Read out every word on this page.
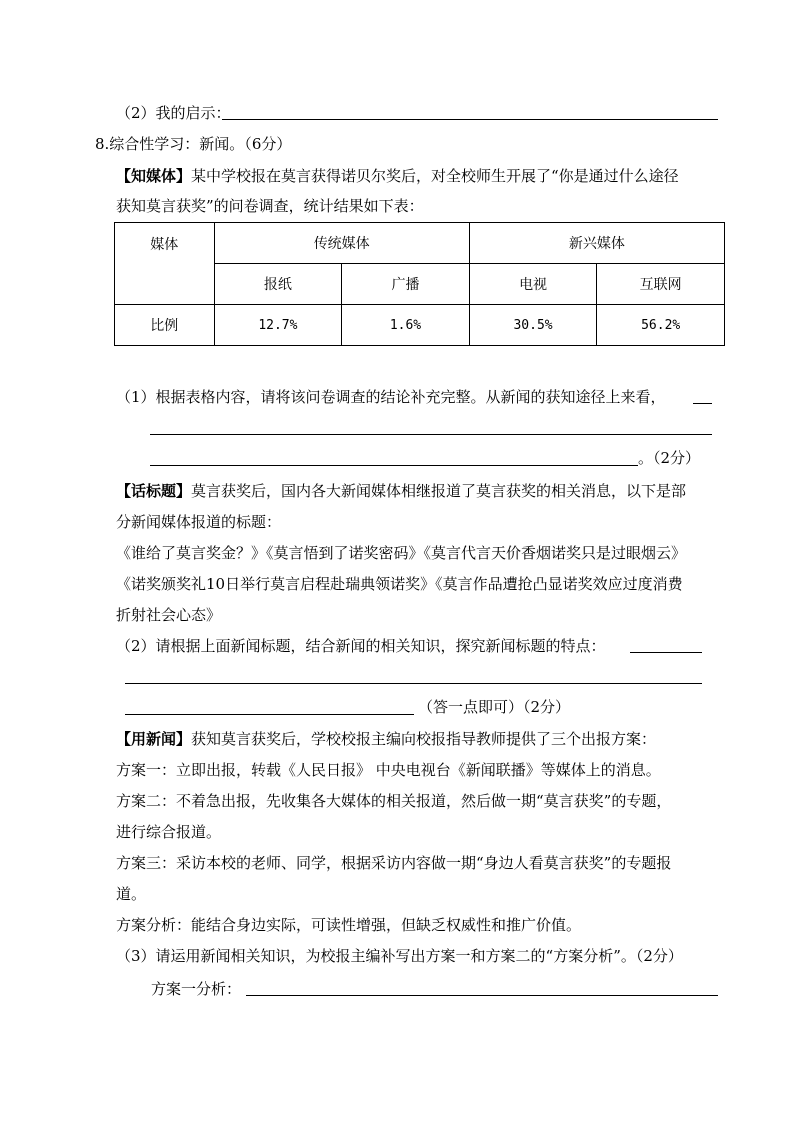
（2）我的启示：
8.综合性学习：新闻。（6分）
【知媒体】某中学校报在莫言获得诺贝尔奖后，对全校师生开展了“你是通过什么途径
获知莫言获奖”的问卷调查，统计结果如下表：
媒体	传统媒体		新兴媒体	
	报纸	广播	电视	互联网
比例	12.7%	1.6%	30.5%	56.2%
（1）根据表格内容，请将该问卷调查的结论补充完整。从新闻的获知途径上来看，
。（2分）
【话标题】莫言获奖后，国内各大新闻媒体相继报道了莫言获奖的相关消息，以下是部
分新闻媒体报道的标题：
《谁给了莫言奖金？》《莫言悟到了诺奖密码》《莫言代言天价香烟诺奖只是过眼烟云》
《诺奖颁奖礼10日举行莫言启程赴瑞典领诺奖》《莫言作品遭抢凸显诺奖效应过度消费
折射社会心态》
（2）请根据上面新闻标题，结合新闻的相关知识，探究新闻标题的特点：
（答一点即可）（2分）
【用新闻】获知莫言获奖后，学校校报主编向校报指导教师提供了三个出报方案：
方案一：立即出报，转载《人民日报》 中央电视台《新闻联播》等媒体上的消息。
方案二：不着急出报，先收集各大媒体的相关报道，然后做一期“莫言获奖”的专题，
进行综合报道。
方案三：采访本校的老师、同学，根据采访内容做一期“身边人看莫言获奖”的专题报
道。
方案分析：能结合身边实际，可读性增强，但缺乏权威性和推广价值。
（3）请运用新闻相关知识，为校报主编补写出方案一和方案二的“方案分析”。（2分）
方案一分析：
